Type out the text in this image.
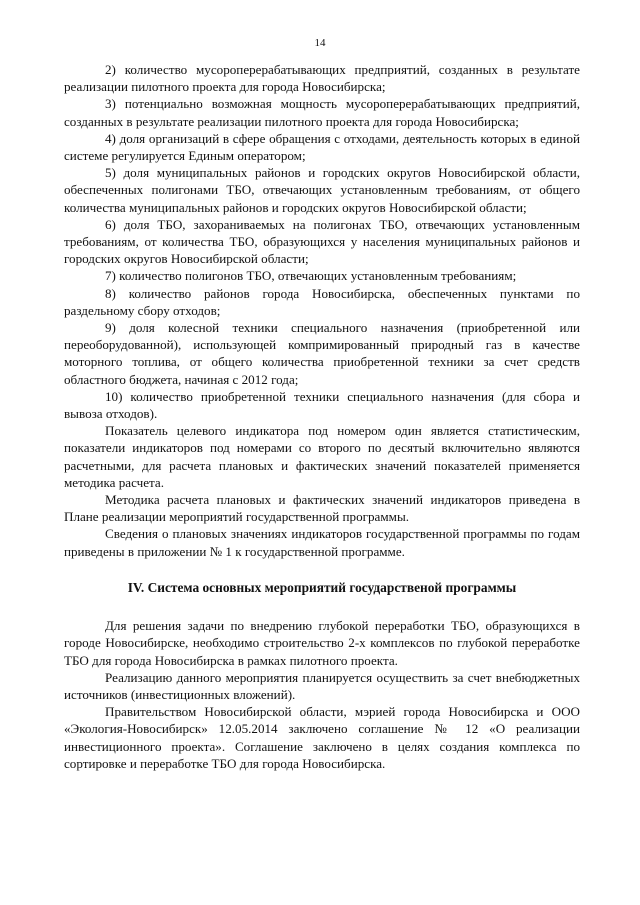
14

2) количество мусороперерабатывающих предприятий, созданных в результате реализации пилотного проекта для города Новосибирска;

3) потенциально возможная мощность мусороперерабатывающих предприятий, созданных в результате реализации пилотного проекта для города Новосибирска;

4) доля организаций в сфере обращения с отходами, деятельность которых в единой системе регулируется Единым оператором;

5) доля муниципальных районов и городских округов Новосибирской области, обеспеченных полигонами ТБО, отвечающих установленным требованиям, от общего количества муниципальных районов и городских округов Новосибирской области;

6) доля ТБО, захораниваемых на полигонах ТБО, отвечающих установленным требованиям, от количества ТБО, образующихся у населения муниципальных районов и городских округов Новосибирской области;

7) количество полигонов ТБО, отвечающих установленным требованиям;

8) количество районов города Новосибирска, обеспеченных пунктами по раздельному сбору отходов;

9) доля колесной техники специального назначения (приобретенной или переоборудованной), использующей компримированный природный газ в качестве моторного топлива, от общего количества приобретенной техники за счет средств областного бюджета, начиная с 2012 года;

10) количество приобретенной техники специального назначения (для сбора и вывоза отходов).

Показатель целевого индикатора под номером один является статистическим, показатели индикаторов под номерами со второго по десятый включительно являются расчетными, для расчета плановых и фактических значений показателей применяется методика расчета.

Методика расчета плановых и фактических значений индикаторов приведена в Плане реализации мероприятий государственной программы.

Сведения о плановых значениях индикаторов государственной программы по годам приведены в приложении № 1 к государственной программе.

IV. Система основных мероприятий государственой программы

Для решения задачи по внедрению глубокой переработки ТБО, образующихся в городе Новосибирске, необходимо строительство 2-х комплексов по глубокой переработке ТБО для города Новосибирска в рамках пилотного проекта.

Реализацию данного мероприятия планируется осуществить за счет внебюджетных источников (инвестиционных вложений).

Правительством Новосибирской области, мэрией города Новосибирска и ООО «Экология-Новосибирск» 12.05.2014 заключено соглашение № 12 «О реализации инвестиционного проекта». Соглашение заключено в целях создания комплекса по сортировке и переработке ТБО для города Новосибирска.
